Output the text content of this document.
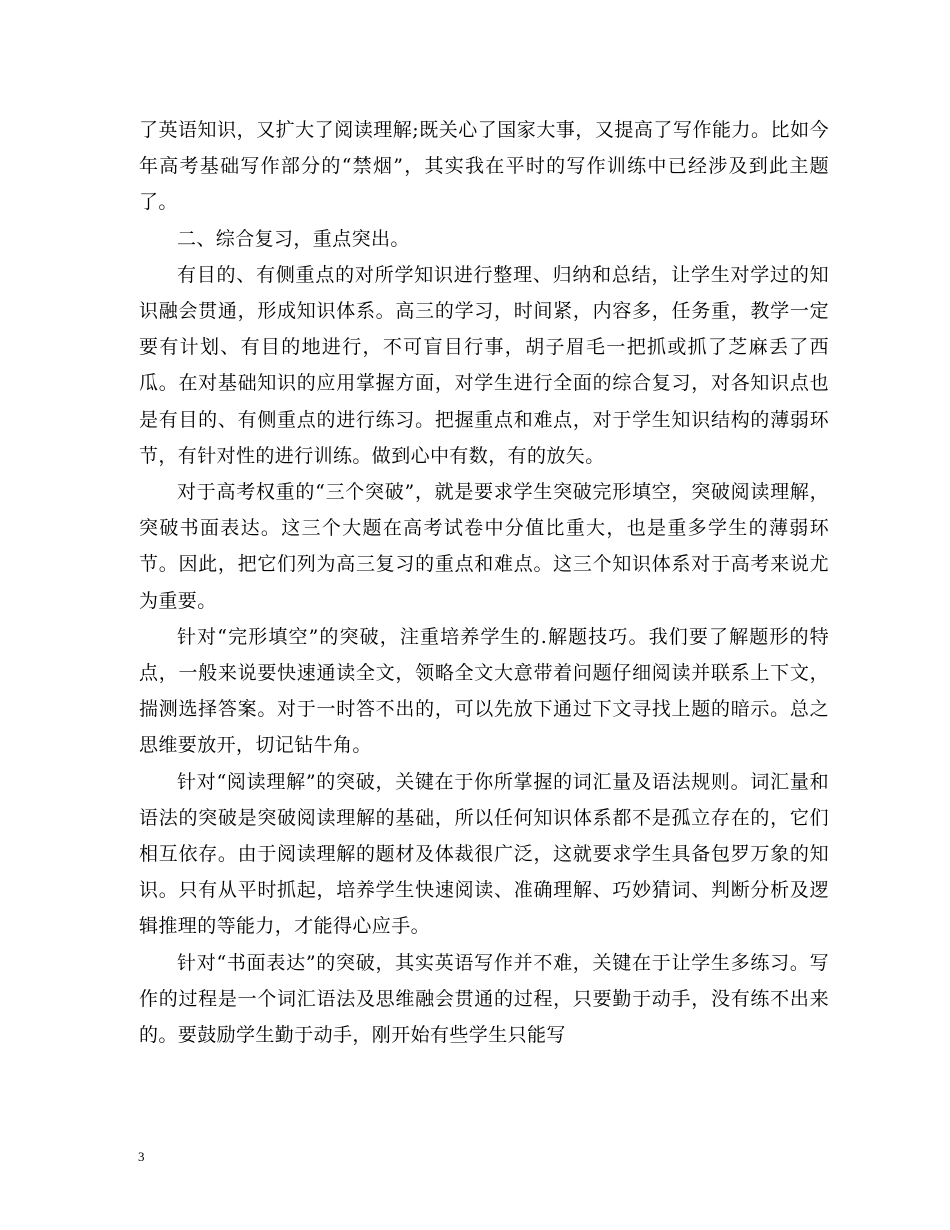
了英语知识，又扩大了阅读理解;既关心了国家大事，又提高了写作能力。比如今年高考基础写作部分的“禁烟”，其实我在平时的写作训练中已经涉及到此主题了。

二、综合复习，重点突出。

有目的、有侧重点的对所学知识进行整理、归纳和总结，让学生对学过的知识融会贯通，形成知识体系。高三的学习，时间紧，内容多，任务重，教学一定要有计划、有目的地进行，不可盲目行事，胡子眉毛一把抓或抓了芝麻丢了西瓜。在对基础知识的应用掌握方面，对学生进行全面的综合复习，对各知识点也是有目的、有侧重点的进行练习。把握重点和难点，对于学生知识结构的薄弱环节，有针对性的进行训练。做到心中有数，有的放矢。

对于高考权重的“三个突破”，就是要求学生突破完形填空，突破阅读理解，突破书面表达。这三个大题在高考试卷中分值比重大，也是重多学生的薄弱环节。因此，把它们列为高三复习的重点和难点。这三个知识体系对于高考来说尤为重要。

针对“完形填空”的突破，注重培养学生的.解题技巧。我们要了解题形的特点，一般来说要快速通读全文，领略全文大意带着问题仔细阅读并联系上下文，揣测选择答案。对于一时答不出的，可以先放下通过下文寻找上题的暗示。总之思维要放开，切记钻牛角。

针对“阅读理解”的突破，关键在于你所掌握的词汇量及语法规则。词汇量和语法的突破是突破阅读理解的基础，所以任何知识体系都不是孤立存在的，它们相互依存。由于阅读理解的题材及体裁很广泛，这就要求学生具备包罗万象的知识。只有从平时抓起，培养学生快速阅读、准确理解、巧妙猜词、判断分析及逻辑推理的等能力，才能得心应手。

针对“书面表达”的突破，其实英语写作并不难，关键在于让学生多练习。写作的过程是一个词汇语法及思维融会贯通的过程，只要勤于动手，没有练不出来的。要鼓励学生勤于动手，刚开始有些学生只能写

3
